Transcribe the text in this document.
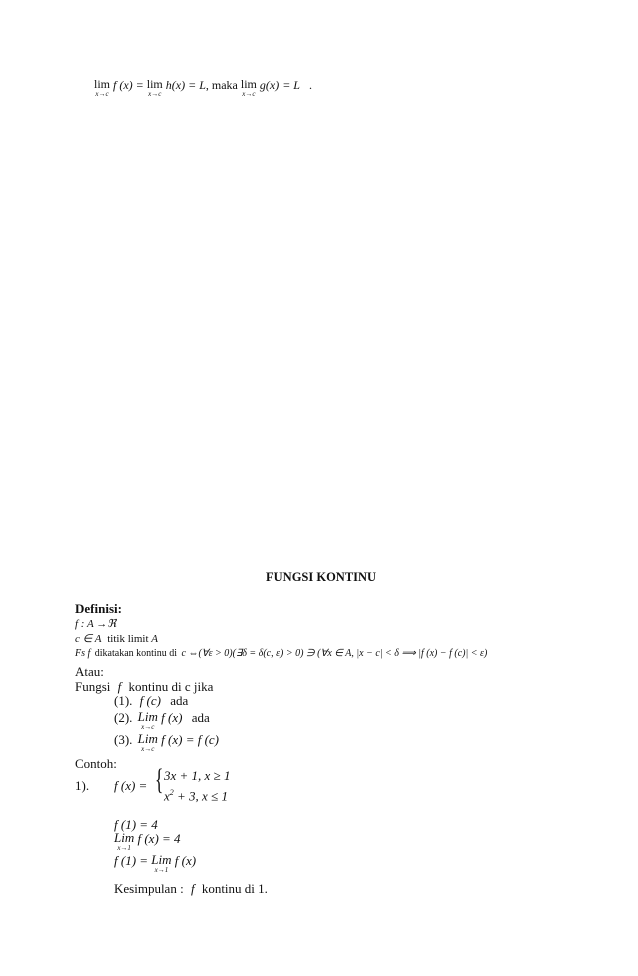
lim
x→c
f (x) = lim
x→c
h(x) = L, maka lim
x→c
g(x) = L .
FUNGSI KONTINU
Definisi:
f : A →ℜ
c ∈ A titik limit A
Fs f dikatakan kontinu di c ⇔(∀ε > 0)(∃δ = δ(c, ε) > 0) ∋ (∀x ∈ A, |x − c| < δ ⟹ |f (x) − f (c)| < ε)
Atau:
Fungsi f kontinu di c jika
(1). f (c) ada
(2). Lim
x→c
f (x) ada
(3). Lim
x→c
f (x) = f (c)
Contoh:
1). f (x) = { 3x + 1, x ≥ 1
$x^2 + 3$, x ≤ 1
f (1) = 4
Lim
x→1
f (x) = 4
f (1) = Lim
x→1
f (x)
Kesimpulan : f kontinu di 1.
